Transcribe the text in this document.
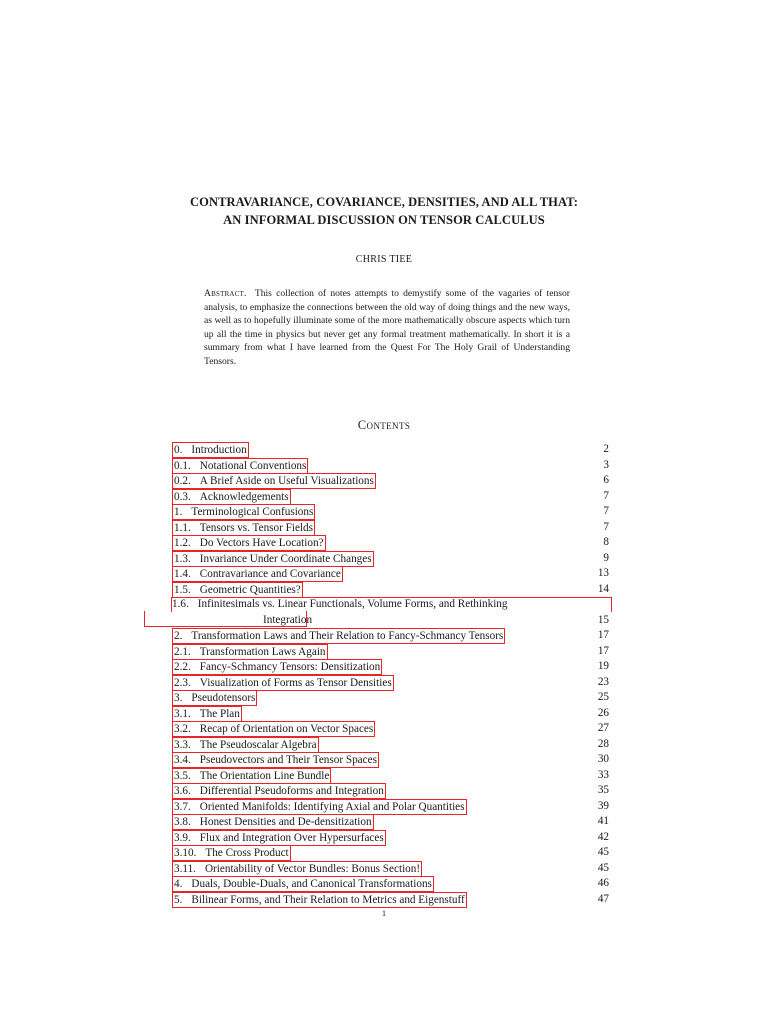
CONTRAVARIANCE, COVARIANCE, DENSITIES, AND ALL THAT:
AN INFORMAL DISCUSSION ON TENSOR CALCULUS
CHRIS TIEE
Abstract. This collection of notes attempts to demystify some of the vagaries of tensor analysis, to emphasize the connections between the old way of doing things and the new ways, as well as to hopefully illuminate some of the more mathematically obscure aspects which turn up all the time in physics but never get any formal treatment mathematically. In short it is a summary from what I have learned from the Quest For The Holy Grail of Understanding Tensors.
Contents
0. Introduction	2
0.1. Notational Conventions	3
0.2. A Brief Aside on Useful Visualizations	6
0.3. Acknowledgements	7
1. Terminological Confusions	7
1.1. Tensors vs. Tensor Fields	7
1.2. Do Vectors Have Location?	8
1.3. Invariance Under Coordinate Changes	9
1.4. Contravariance and Covariance	13
1.5. Geometric Quantities?	14
1.6. Infinitesimals vs. Linear Functionals, Volume Forms, and Rethinking
Integration	15
2. Transformation Laws and Their Relation to Fancy-Schmancy Tensors	17
2.1. Transformation Laws Again	17
2.2. Fancy-Schmancy Tensors: Densitization	19
2.3. Visualization of Forms as Tensor Densities	23
3. Pseudotensors	25
3.1. The Plan	26
3.2. Recap of Orientation on Vector Spaces	27
3.3. The Pseudoscalar Algebra	28
3.4. Pseudovectors and Their Tensor Spaces	30
3.5. The Orientation Line Bundle	33
3.6. Differential Pseudoforms and Integration	35
3.7. Oriented Manifolds: Identifying Axial and Polar Quantities	39
3.8. Honest Densities and De-densitization	41
3.9. Flux and Integration Over Hypersurfaces	42
3.10. The Cross Product	45
3.11. Orientability of Vector Bundles: Bonus Section!	45
4. Duals, Double-Duals, and Canonical Transformations	46
5. Bilinear Forms, and Their Relation to Metrics and Eigenstuff	47
1
